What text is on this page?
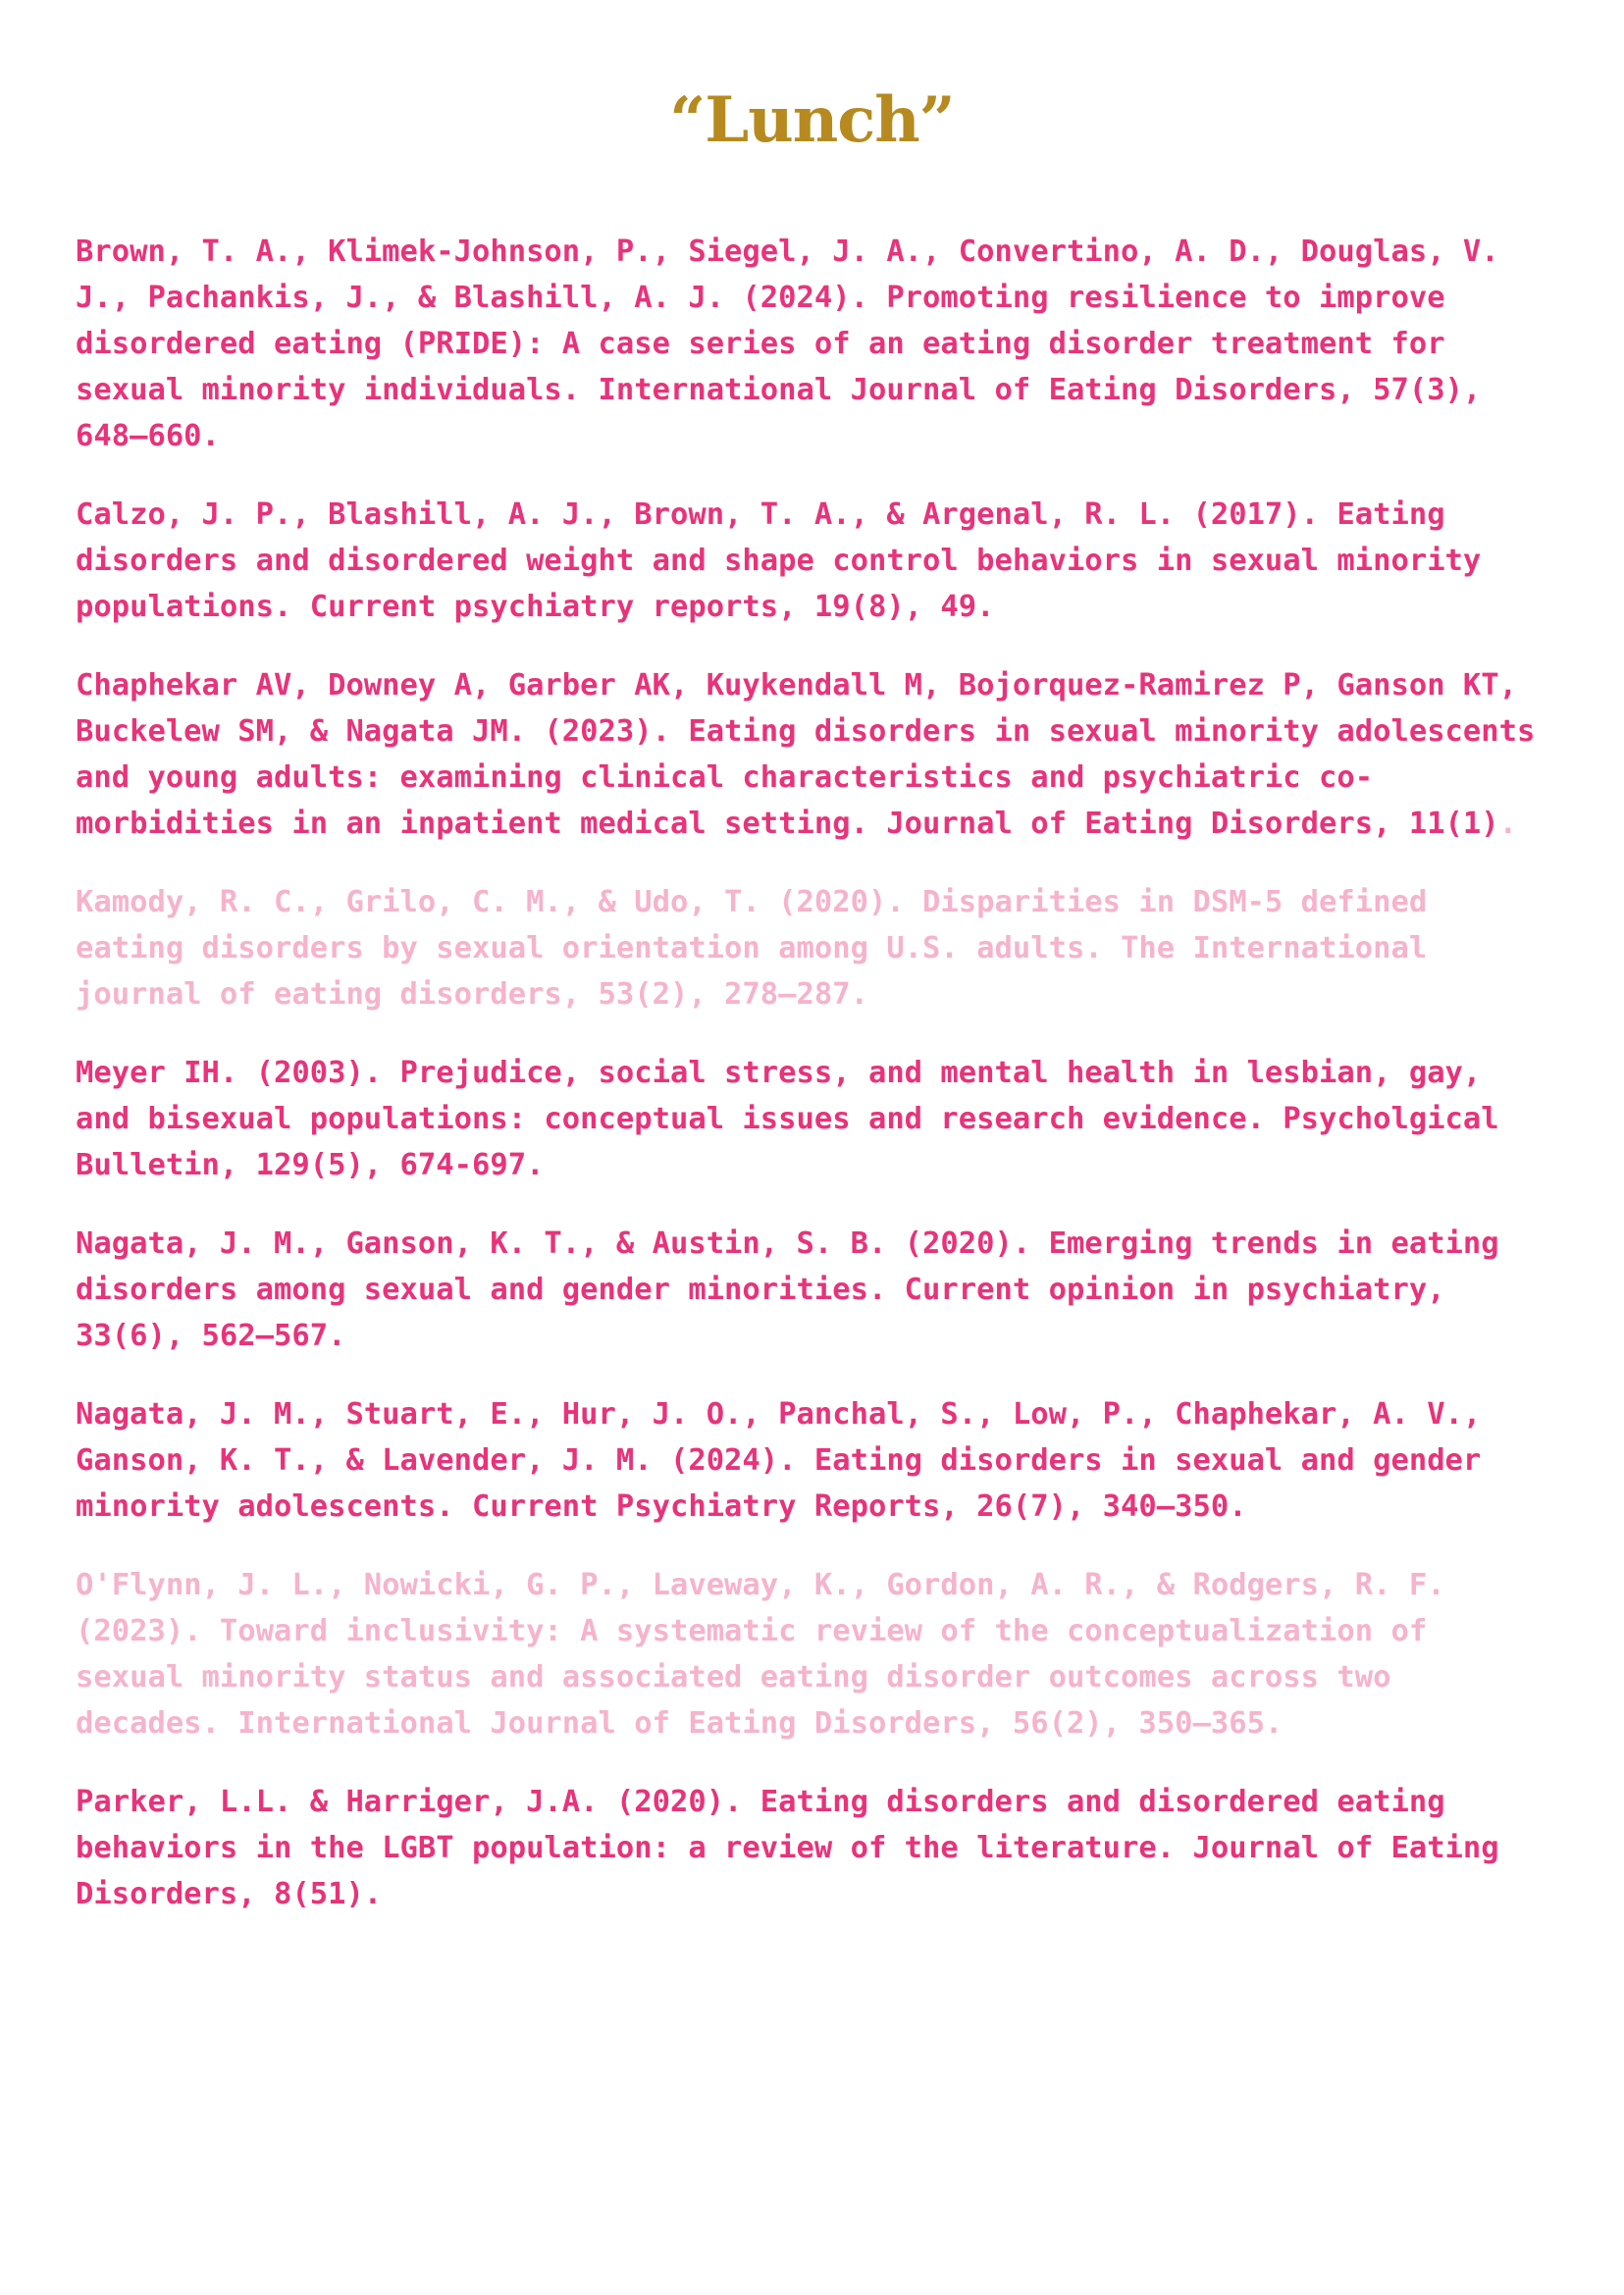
“Lunch”

Brown, T. A., Klimek-Johnson, P., Siegel, J. A., Convertino, A. D., Douglas, V.
J., Pachankis, J., & Blashill, A. J. (2024). Promoting resilience to improve
disordered eating (PRIDE): A case series of an eating disorder treatment for
sexual minority individuals. International Journal of Eating Disorders, 57(3),
648–660.

Calzo, J. P., Blashill, A. J., Brown, T. A., & Argenal, R. L. (2017). Eating
disorders and disordered weight and shape control behaviors in sexual minority
populations. Current psychiatry reports, 19(8), 49.

Chaphekar AV, Downey A, Garber AK, Kuykendall M, Bojorquez-Ramirez P, Ganson KT,
Buckelew SM, & Nagata JM. (2023). Eating disorders in sexual minority adolescents
and young adults: examining clinical characteristics and psychiatric co-
morbidities in an inpatient medical setting. Journal of Eating Disorders, 11(1).

Kamody, R. C., Grilo, C. M., & Udo, T. (2020). Disparities in DSM-5 defined
eating disorders by sexual orientation among U.S. adults. The International
journal of eating disorders, 53(2), 278–287.

Meyer IH. (2003). Prejudice, social stress, and mental health in lesbian, gay,
and bisexual populations: conceptual issues and research evidence. Psycholgical
Bulletin, 129(5), 674-697.

Nagata, J. M., Ganson, K. T., & Austin, S. B. (2020). Emerging trends in eating
disorders among sexual and gender minorities. Current opinion in psychiatry,
33(6), 562–567.

Nagata, J. M., Stuart, E., Hur, J. O., Panchal, S., Low, P., Chaphekar, A. V.,
Ganson, K. T., & Lavender, J. M. (2024). Eating disorders in sexual and gender
minority adolescents. Current Psychiatry Reports, 26(7), 340–350.

O'Flynn, J. L., Nowicki, G. P., Laveway, K., Gordon, A. R., & Rodgers, R. F.
(2023). Toward inclusivity: A systematic review of the conceptualization of
sexual minority status and associated eating disorder outcomes across two
decades. International Journal of Eating Disorders, 56(2), 350–365.

Parker, L.L. & Harriger, J.A. (2020). Eating disorders and disordered eating
behaviors in the LGBT population: a review of the literature. Journal of Eating
Disorders, 8(51).
